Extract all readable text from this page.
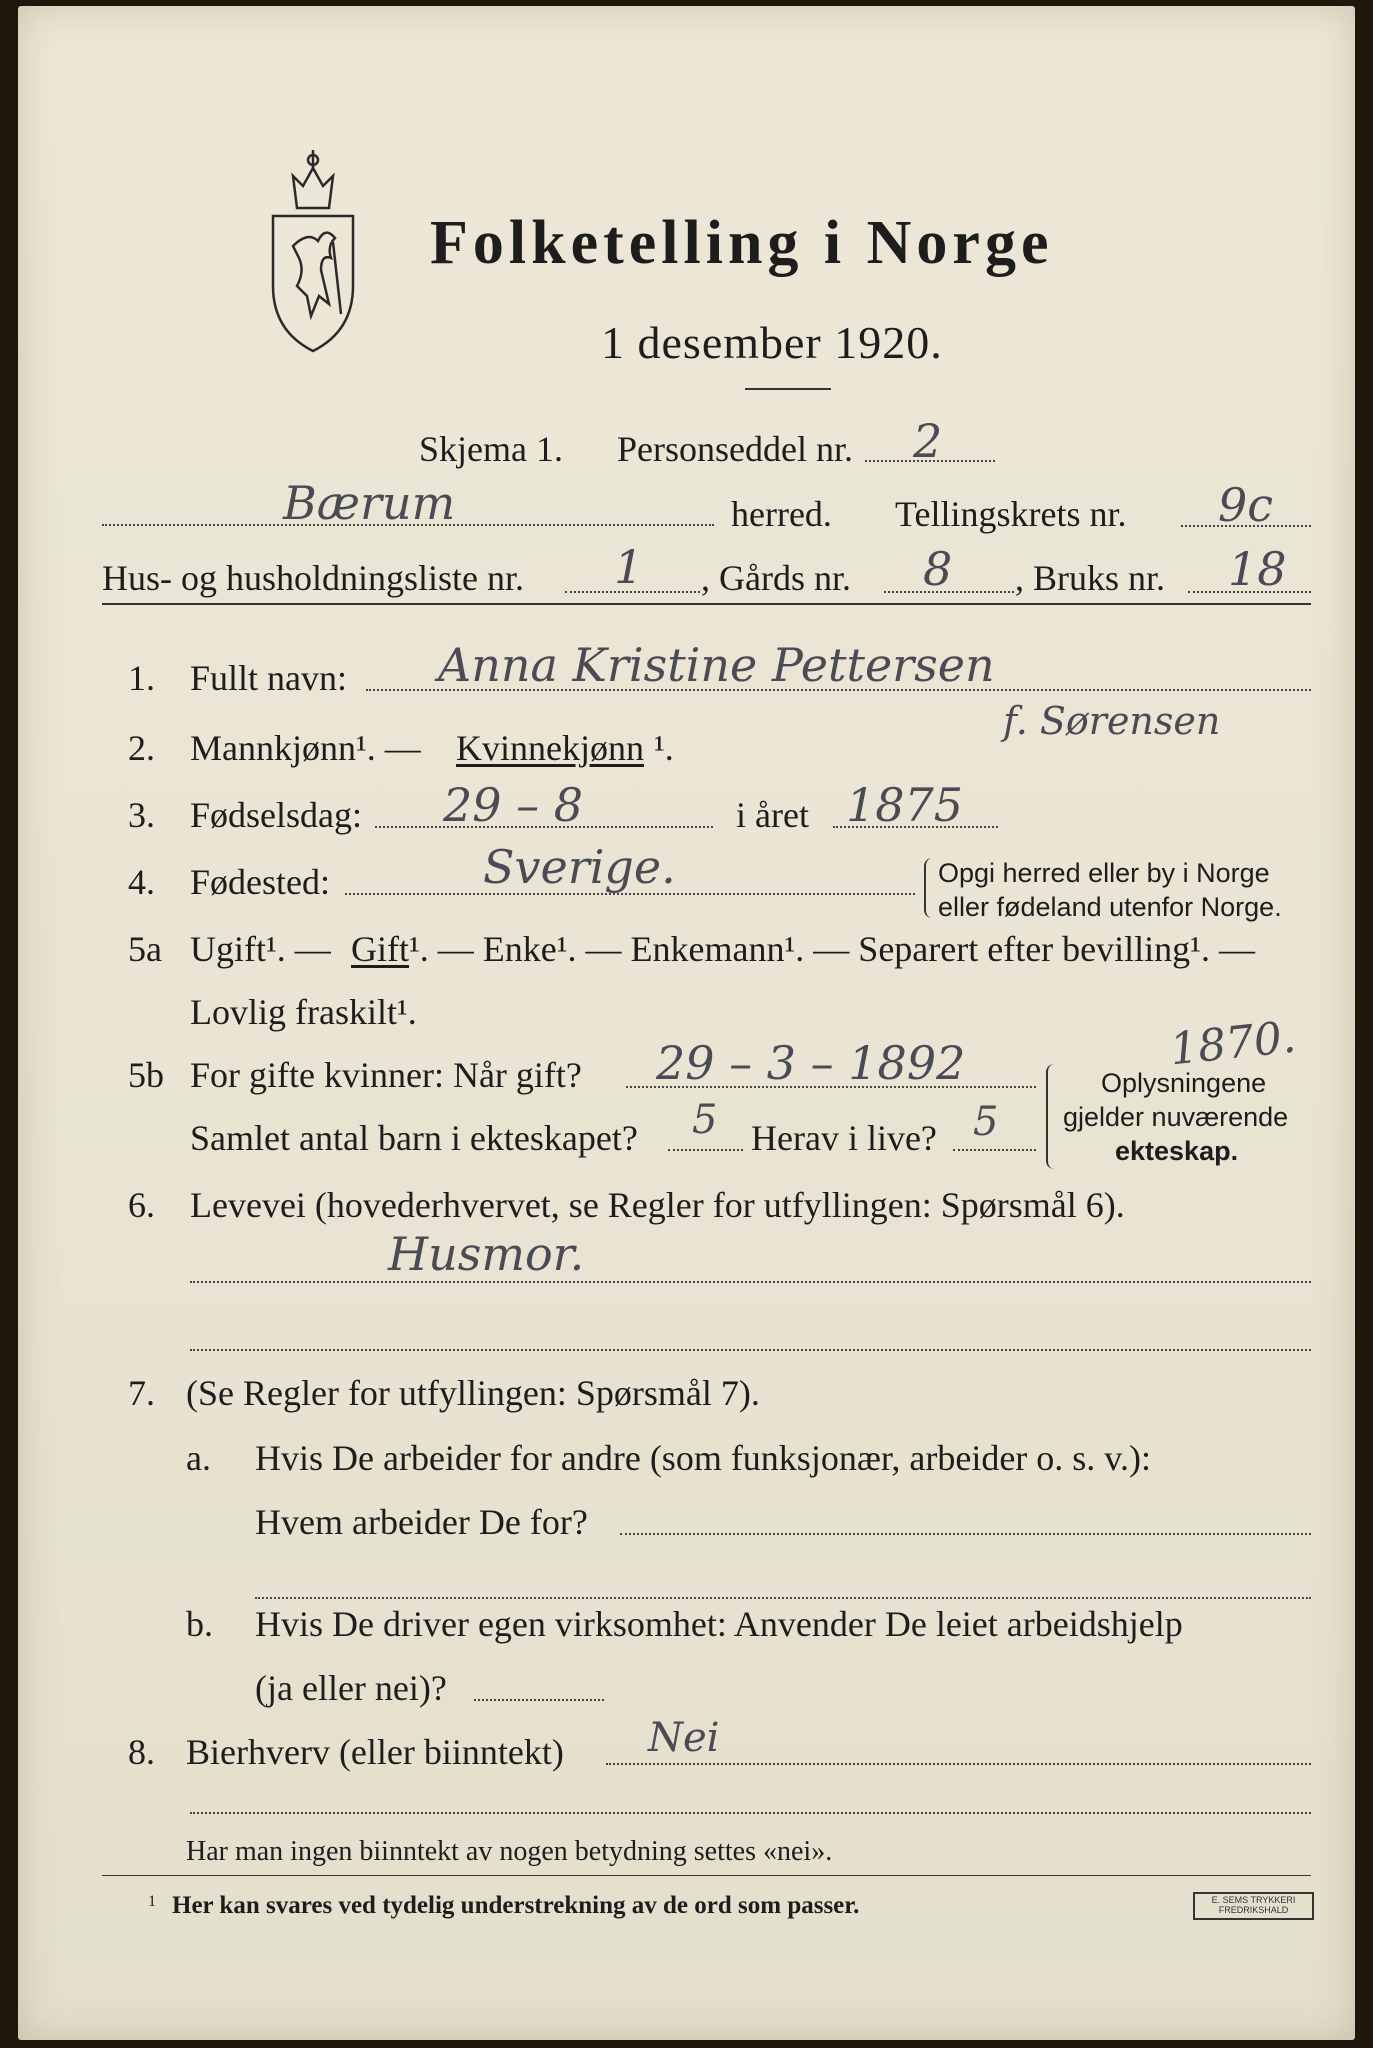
Folketelling i Norge
1 desember 1920.
Skjema 1. Personseddel nr. 2
Bærum	herred. Tellingskrets nr. 9c
Hus- og husholdningsliste nr. 1 , Gårds nr. 8 , Bruks nr. 18
1. Fullt navn: Anna Kristine Pettersen
f. Sørensen
2. Mannkjønn¹. — Kvinnekjønn ¹.
3. Fødselsdag: 29 – 8	i året 1875
4. Fødested:	Sverige.	Opgi herred eller by i Norge
eller fødeland utenfor Norge.
5a Ugift¹. — Gift ¹. — Enke¹. — Enkemann¹. — Separert efter bevilling¹. —
Lovlig fraskilt¹.	1870.
5b For gifte kvinner: Når gift? 29 – 3 – 1892
Samlet antal barn i ekteskapet? 5 Herav i live? 5
Oplysningene
gjelder nuværende
ekteskap.
6. Levevei (hovederhvervet, se Regler for utfyllingen: Spørsmål 6).
Husmor.
7. (Se Regler for utfyllingen: Spørsmål 7).
a. Hvis De arbeider for andre (som funksjonær, arbeider o. s. v.):
Hvem arbeider De for?
b. Hvis De driver egen virksomhet: Anvender De leiet arbeidshjelp
(ja eller nei)?
8. Bierhverv (eller biinntekt) Nei
Har man ingen biinntekt av nogen betydning settes «nei».
1 Her kan svares ved tydelig understrekning av de ord som passer.	E. SEMS TRYKKERI
FREDRIKSHALD
